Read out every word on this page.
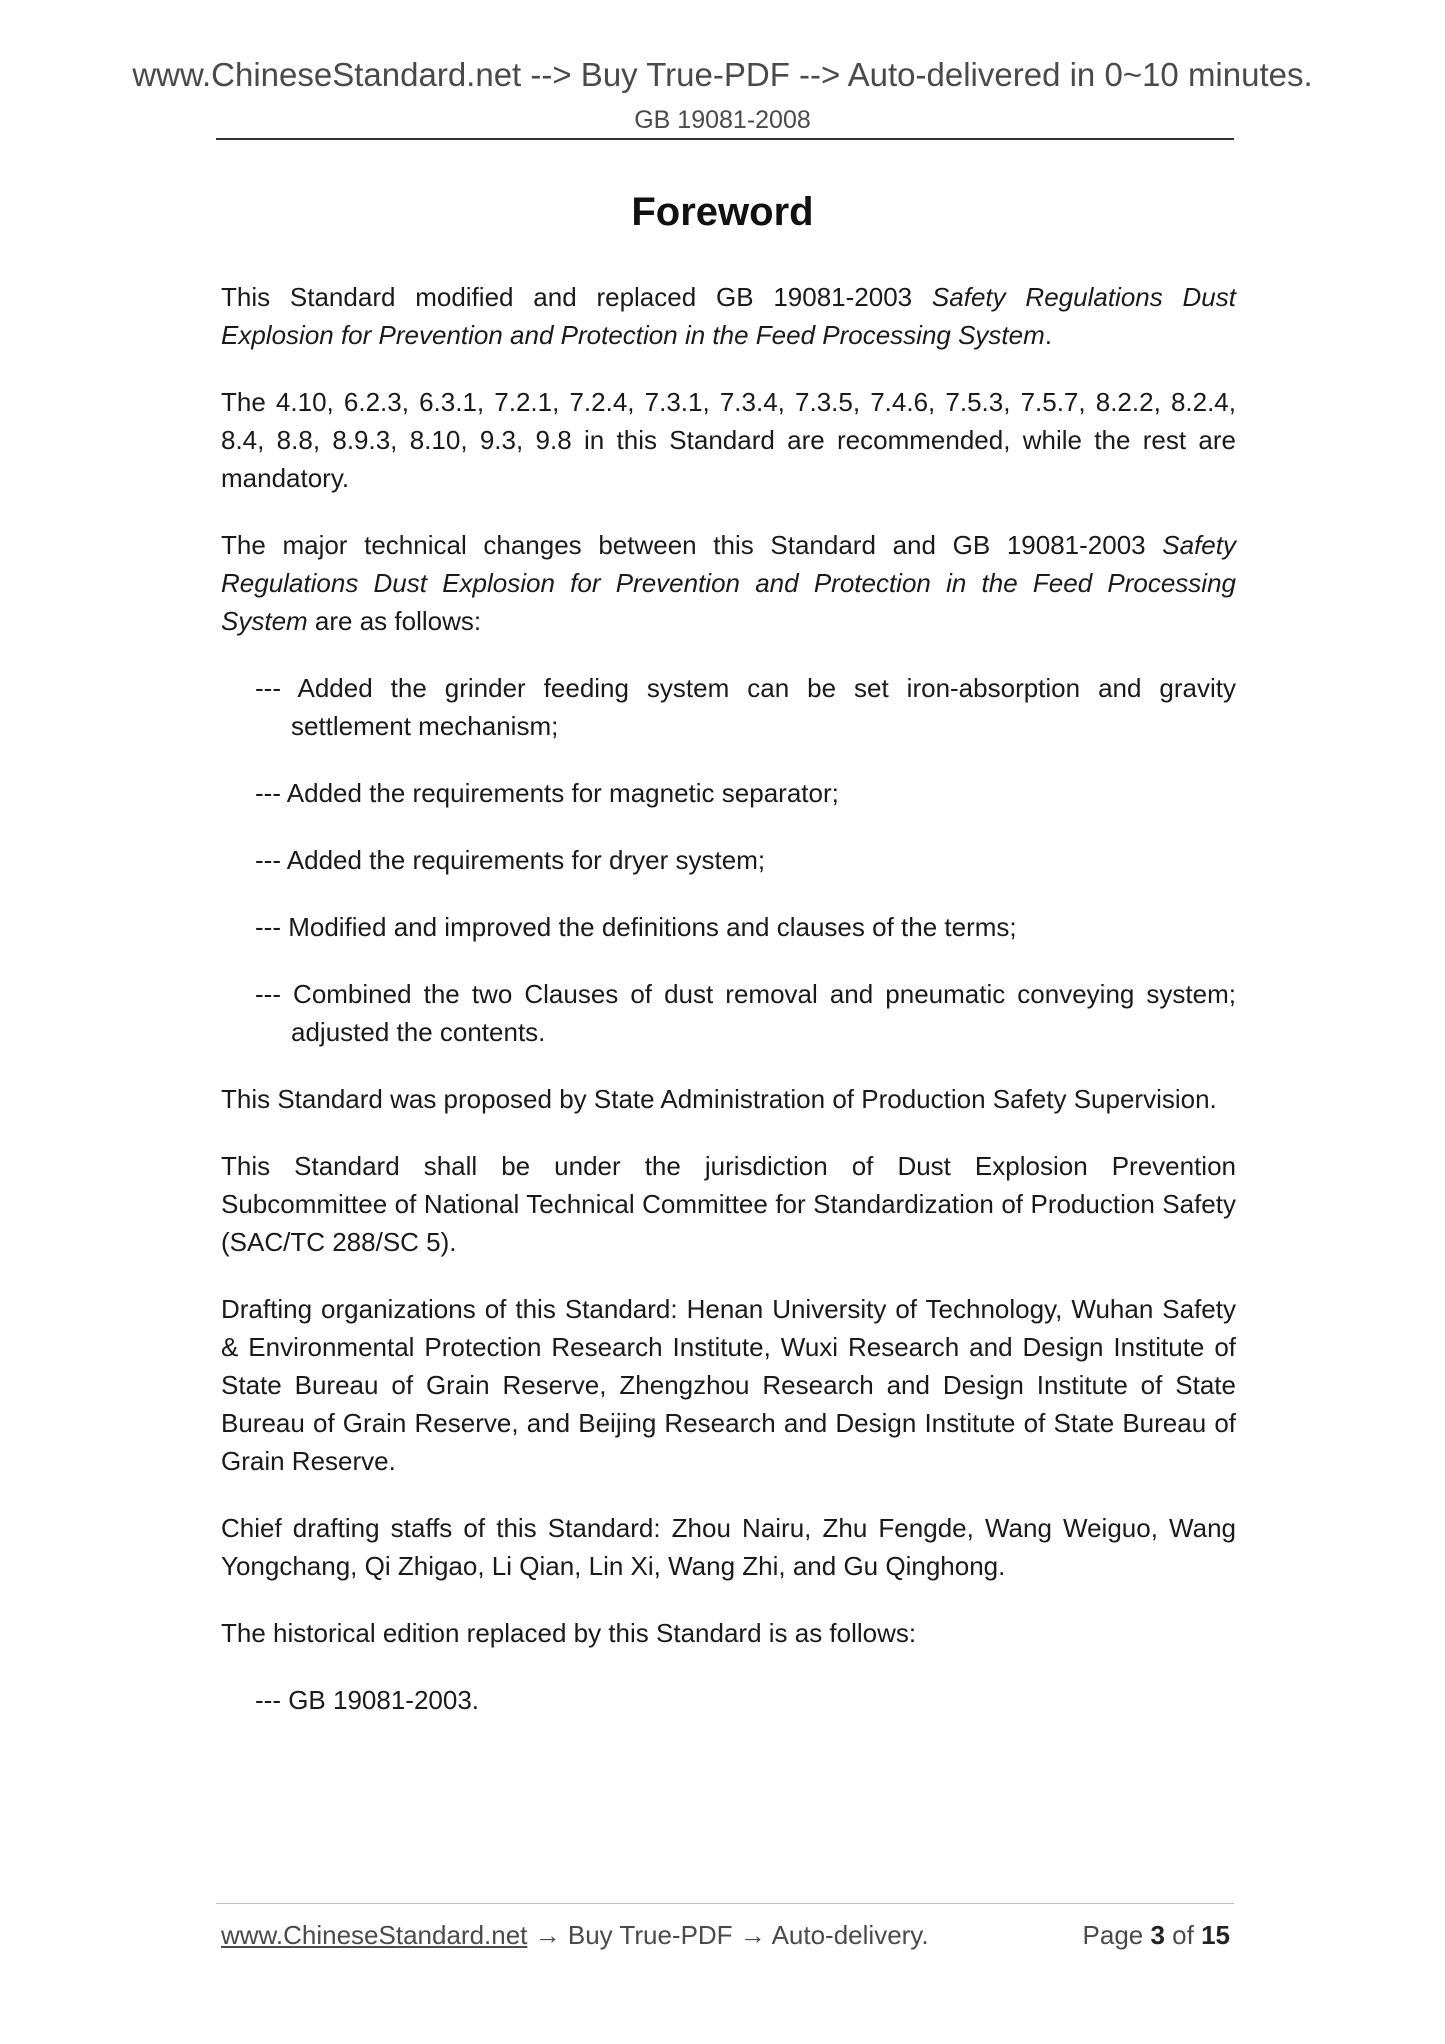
www.ChineseStandard.net --> Buy True-PDF --> Auto-delivered in 0~10 minutes.
GB 19081-2008
Foreword

This Standard modified and replaced GB 19081-2003 Safety Regulations Dust Explosion for Prevention and Protection in the Feed Processing System.

The 4.10, 6.2.3, 6.3.1, 7.2.1, 7.2.4, 7.3.1, 7.3.4, 7.3.5, 7.4.6, 7.5.3, 7.5.7, 8.2.2, 8.2.4, 8.4, 8.8, 8.9.3, 8.10, 9.3, 9.8 in this Standard are recommended, while the rest are mandatory.

The major technical changes between this Standard and GB 19081-2003 Safety Regulations Dust Explosion for Prevention and Protection in the Feed Processing System are as follows:

--- Added the grinder feeding system can be set iron-absorption and gravity settlement mechanism;

--- Added the requirements for magnetic separator;

--- Added the requirements for dryer system;

--- Modified and improved the definitions and clauses of the terms;

--- Combined the two Clauses of dust removal and pneumatic conveying system; adjusted the contents.

This Standard was proposed by State Administration of Production Safety Supervision.

This Standard shall be under the jurisdiction of Dust Explosion Prevention Subcommittee of National Technical Committee for Standardization of Production Safety (SAC/TC 288/SC 5).

Drafting organizations of this Standard: Henan University of Technology, Wuhan Safety & Environmental Protection Research Institute, Wuxi Research and Design Institute of State Bureau of Grain Reserve, Zhengzhou Research and Design Institute of State Bureau of Grain Reserve, and Beijing Research and Design Institute of State Bureau of Grain Reserve.

Chief drafting staffs of this Standard: Zhou Nairu, Zhu Fengde, Wang Weiguo, Wang Yongchang, Qi Zhigao, Li Qian, Lin Xi, Wang Zhi, and Gu Qinghong.

The historical edition replaced by this Standard is as follows:

--- GB 19081-2003.

www.ChineseStandard.net → Buy True-PDF → Auto-delivery.	Page 3 of 15
